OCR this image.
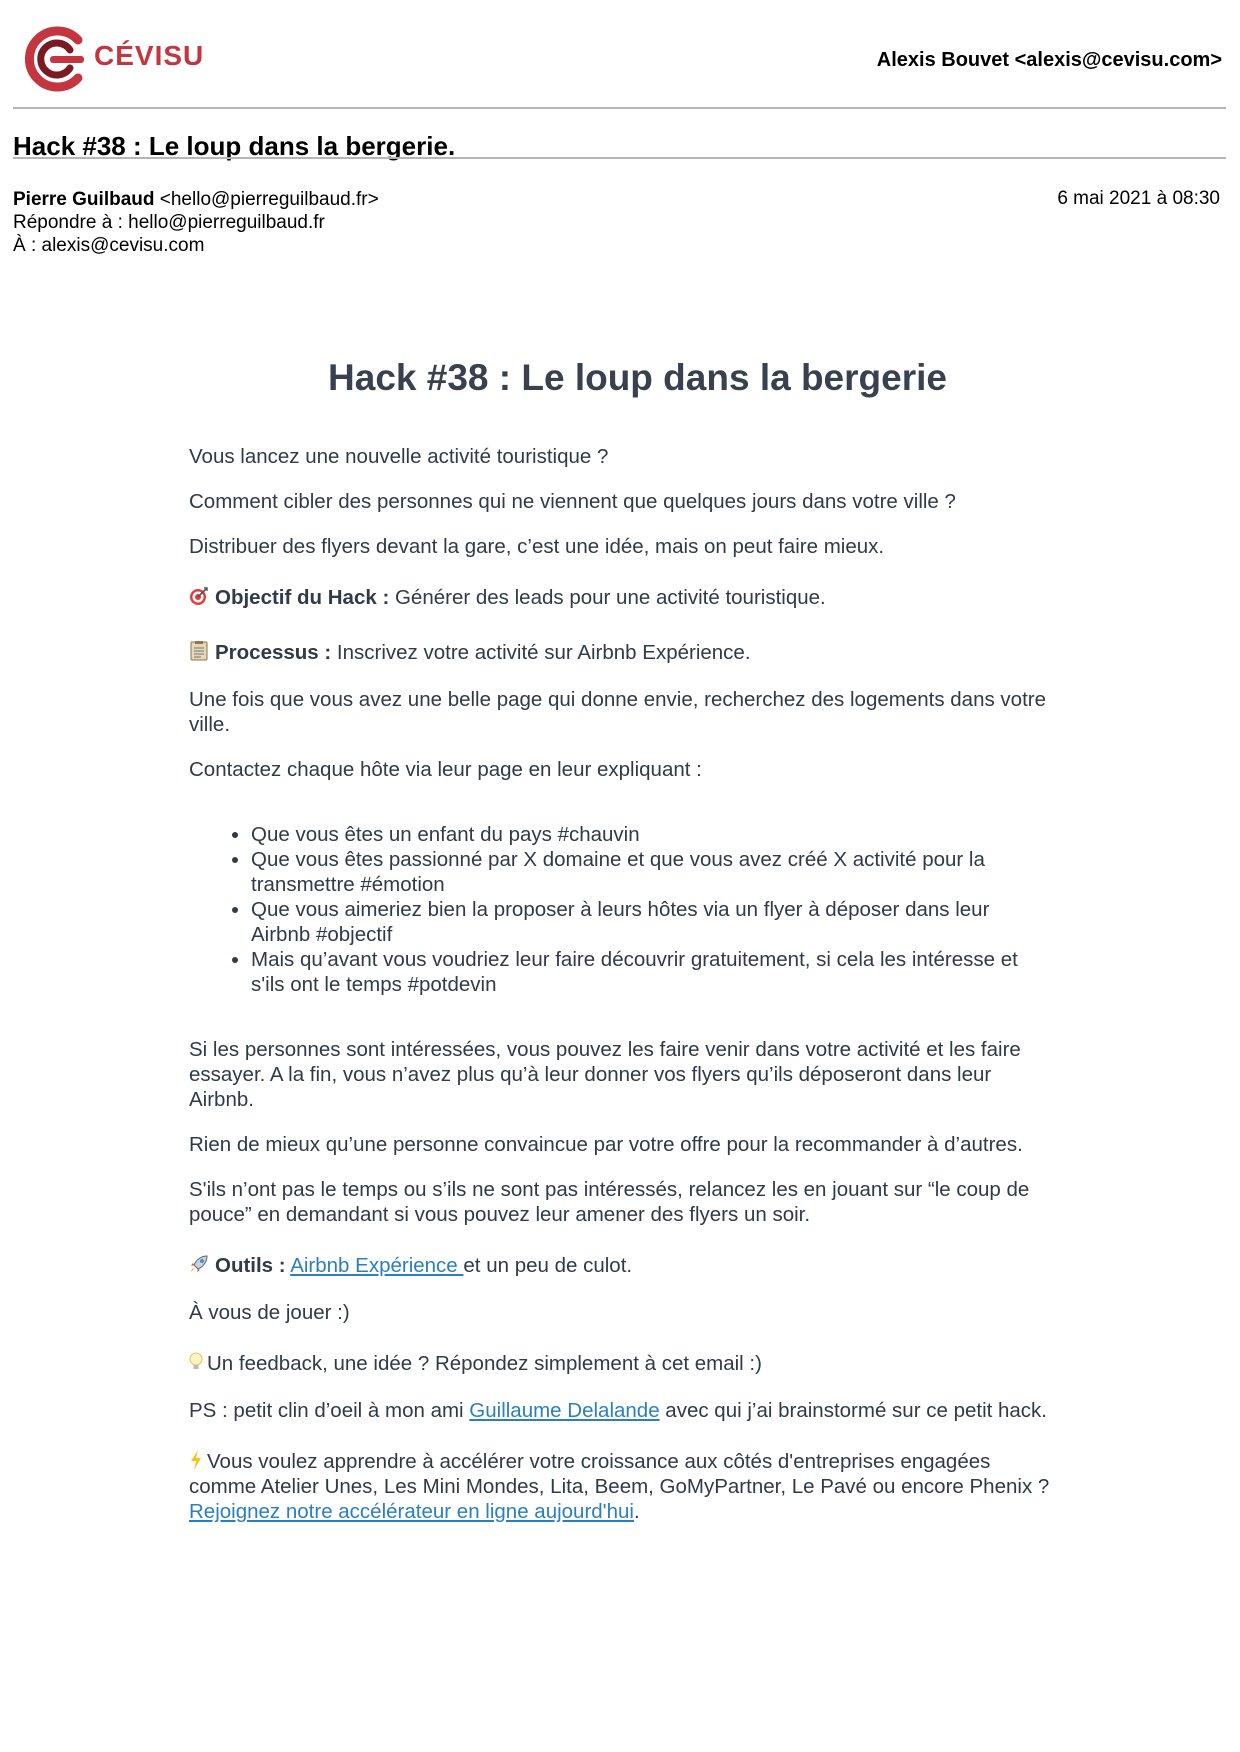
CÉVISU	Alexis Bouvet <alexis@cevisu.com>
Hack #38 : Le loup dans la bergerie.
Pierre Guilbaud <hello@pierreguilbaud.fr>
Répondre à : hello@pierreguilbaud.fr
À : alexis@cevisu.com
6 mai 2021 à 08:30
Hack #38 : Le loup dans la bergerie

Vous lancez une nouvelle activité touristique ?

Comment cibler des personnes qui ne viennent que quelques jours dans votre ville ?

Distribuer des flyers devant la gare, c’est une idée, mais on peut faire mieux.

Objectif du Hack : Générer des leads pour une activité touristique.

Processus : Inscrivez votre activité sur Airbnb Expérience.

Une fois que vous avez une belle page qui donne envie, recherchez des logements dans votre ville.

Contactez chaque hôte via leur page en leur expliquant :

• Que vous êtes un enfant du pays #chauvin
• Que vous êtes passionné par X domaine et que vous avez créé X activité pour la transmettre #émotion
• Que vous aimeriez bien la proposer à leurs hôtes via un flyer à déposer dans leur Airbnb #objectif
• Mais qu’avant vous voudriez leur faire découvrir gratuitement, si cela les intéresse et s'ils ont le temps #potdevin

Si les personnes sont intéressées, vous pouvez les faire venir dans votre activité et les faire essayer. A la fin, vous n’avez plus qu’à leur donner vos flyers qu’ils déposeront dans leur Airbnb.

Rien de mieux qu’une personne convaincue par votre offre pour la recommander à d’autres.

S'ils n’ont pas le temps ou s’ils ne sont pas intéressés, relancez les en jouant sur “le coup de pouce” en demandant si vous pouvez leur amener des flyers un soir.

Outils : Airbnb Expérience et un peu de culot.

À vous de jouer :)

Un feedback, une idée ? Répondez simplement à cet email :)

PS : petit clin d’oeil à mon ami Guillaume Delalande avec qui j’ai brainstormé sur ce petit hack.

Vous voulez apprendre à accélérer votre croissance aux côtés d'entreprises engagées comme Atelier Unes, Les Mini Mondes, Lita, Beem, GoMyPartner, Le Pavé ou encore Phenix ? Rejoignez notre accélérateur en ligne aujourd'hui.
